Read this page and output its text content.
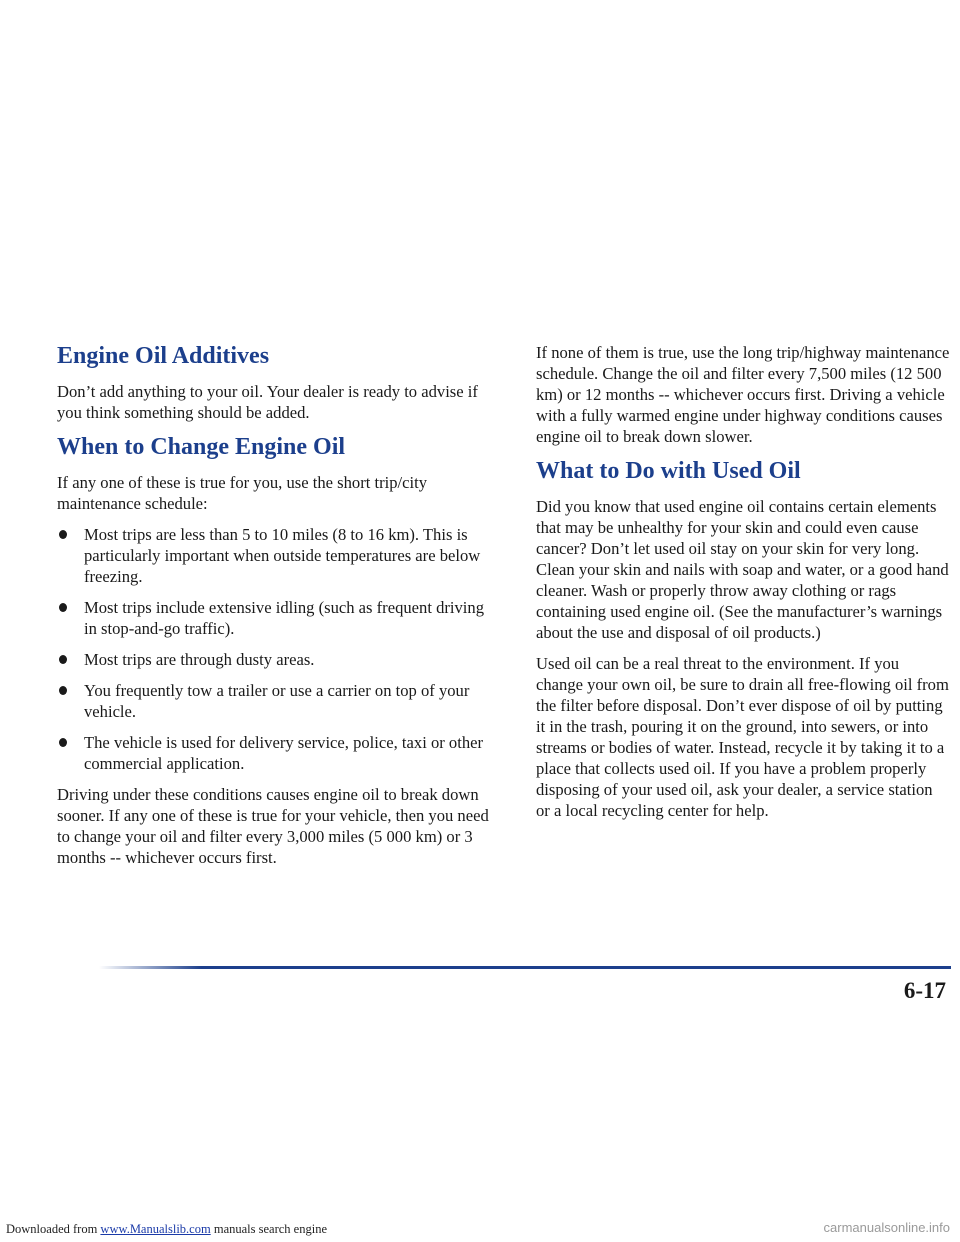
Engine Oil Additives

Don’t add anything to your oil. Your dealer is ready to advise if you think something should be added.

When to Change Engine Oil

If any one of these is true for you, use the short trip/city maintenance schedule:

Most trips are less than 5 to 10 miles (8 to 16 km). This is particularly important when outside temperatures are below freezing.
Most trips include extensive idling (such as frequent driving in stop-and-go traffic).
Most trips are through dusty areas.
You frequently tow a trailer or use a carrier on top of your vehicle.
The vehicle is used for delivery service, police, taxi or other commercial application.

Driving under these conditions causes engine oil to break down sooner. If any one of these is true for your vehicle, then you need to change your oil and filter every 3,000 miles (5 000 km) or 3 months -- whichever occurs first.

If none of them is true, use the long trip/highway maintenance schedule. Change the oil and filter every 7,500 miles (12 500 km) or 12 months -- whichever occurs first. Driving a vehicle with a fully warmed engine under highway conditions causes engine oil to break down slower.

What to Do with Used Oil

Did you know that used engine oil contains certain elements that may be unhealthy for your skin and could even cause cancer? Don’t let used oil stay on your skin for very long. Clean your skin and nails with soap and water, or a good hand cleaner. Wash or properly throw away clothing or rags containing used engine oil. (See the manufacturer’s warnings about the use and disposal of oil products.)

Used oil can be a real threat to the environment. If you change your own oil, be sure to drain all free-flowing oil from the filter before disposal. Don’t ever dispose of oil by putting it in the trash, pouring it on the ground, into sewers, or into streams or bodies of water. Instead, recycle it by taking it to a place that collects used oil. If you have a problem properly disposing of your used oil, ask your dealer, a service station or a local recycling center for help.

6-17
Downloaded from www.Manualslib.com manuals search engine	carmanualsonline.info
